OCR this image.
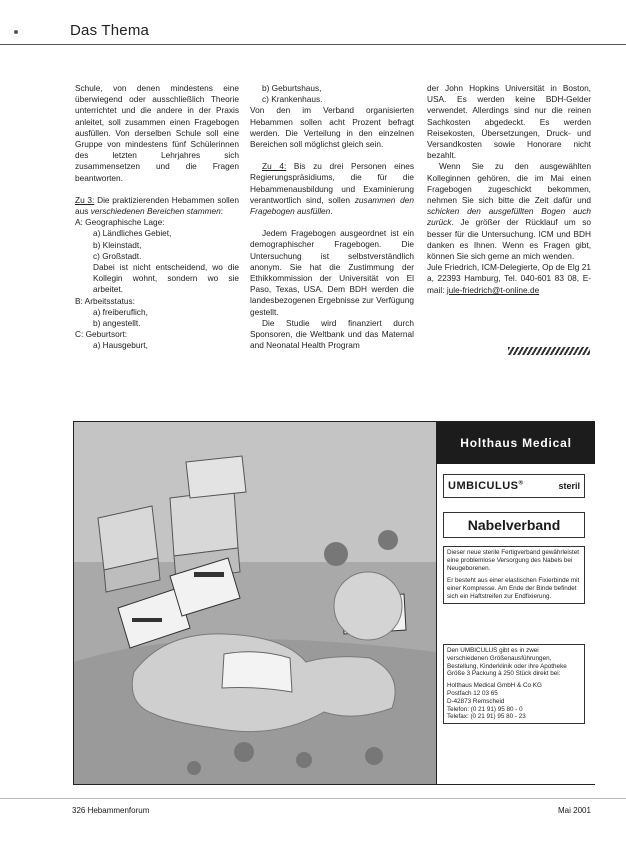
Das Thema

Schule, von denen mindestens eine überwiegend oder ausschließlich Theorie unterrichtet und die andere in der Praxis anleitet, soll zusammen einen Fragebogen ausfüllen. Von derselben Schule soll eine Gruppe von mindestens fünf Schülerinnen des letzten Lehrjahres sich zusammensetzen und die Fragen beantworten.

Zu 3: Die praktizierenden Hebammen sollen aus verschiedenen Bereichen stammen:

A: Geographische Lage:

a) Ländliches Gebiet,

b) Kleinstadt,

c) Großstadt.

Dabei ist nicht entscheidend, wo die Kollegin wohnt, sondern wo sie arbeitet.

B: Arbeitsstatus:

a) freiberuflich,

b) angestellt.

C: Geburtsort:

a) Hausgeburt,

b) Geburtshaus,

c) Krankenhaus.

Von den im Verband organisierten Hebammen sollen acht Prozent befragt werden. Die Verteilung in den einzelnen Bereichen soll möglichst gleich sein.

Zu 4: Bis zu drei Personen eines Regierungspräsidiums, die für die Hebammenausbildung und Examinierung verantwortlich sind, sollen zusammen den Fragebogen ausfüllen.

Jedem Fragebogen ausgeordnet ist ein demographischer Fragebogen. Die Untersuchung ist selbstverständlich anonym. Sie hat die Zustimmung der Ethikkommission der Universität von El Paso, Texas, USA. Dem BDH werden die landesbezogenen Ergebnisse zur Verfügung gestellt.

Die Studie wird finanziert durch Sponsoren, die Weltbank und das Maternal and Neonatal Health Program

der John Hopkins Universität in Boston, USA. Es werden keine BDH-Gelder verwendet. Allerdings sind nur die reinen Sachkosten abgedeckt. Es werden Reisekosten, Übersetzungen, Druck- und Versandkosten sowie Honorare nicht bezahlt.

Wenn Sie zu den ausgewählten Kolleginnen gehören, die im Mai einen Fragebogen zugeschickt bekommen, nehmen Sie sich bitte die Zeit dafür und schicken den ausgefüllten Bogen auch zurück. Je größer der Rücklauf um so besser für die Untersuchung. ICM und BDH danken es Ihnen. Wenn es Fragen gibt, können Sie sich gerne an mich wenden.

Jule Friedrich, ICM-Delegierte, Op de Elg 21 a, 22393 Hamburg, Tel. 040-601 83 08, E-mail: jule-friedrich@t-online.de

Holthaus Medical
UMBICULUS®	steril
Nabelverband

Dieser neue sterile Fertigverband gewährleistet eine problemlose Versorgung des Nabels bei Neugeborenen.

Er besteht aus einer elastischen Fixierbinde mit einer Kompresse. Am Ende der Binde befindet sich ein Haftstreifen zur Endfixierung.

Den UMBICULUS gibt es in zwei verschiedenen Größenausführungen, Bestellung, Kinderklinik oder ihre Apotheke Größe 3 Packung à 250 Stück direkt bei:

Holthaus Medical GmbH & Co KG

Postfach 12 03 65

D-42873 Remscheid

Telefon: (0 21 91) 95 80 - 0

Telefax: (0 21 91) 95 80 - 23

326 Hebammenforum	Mai 2001
